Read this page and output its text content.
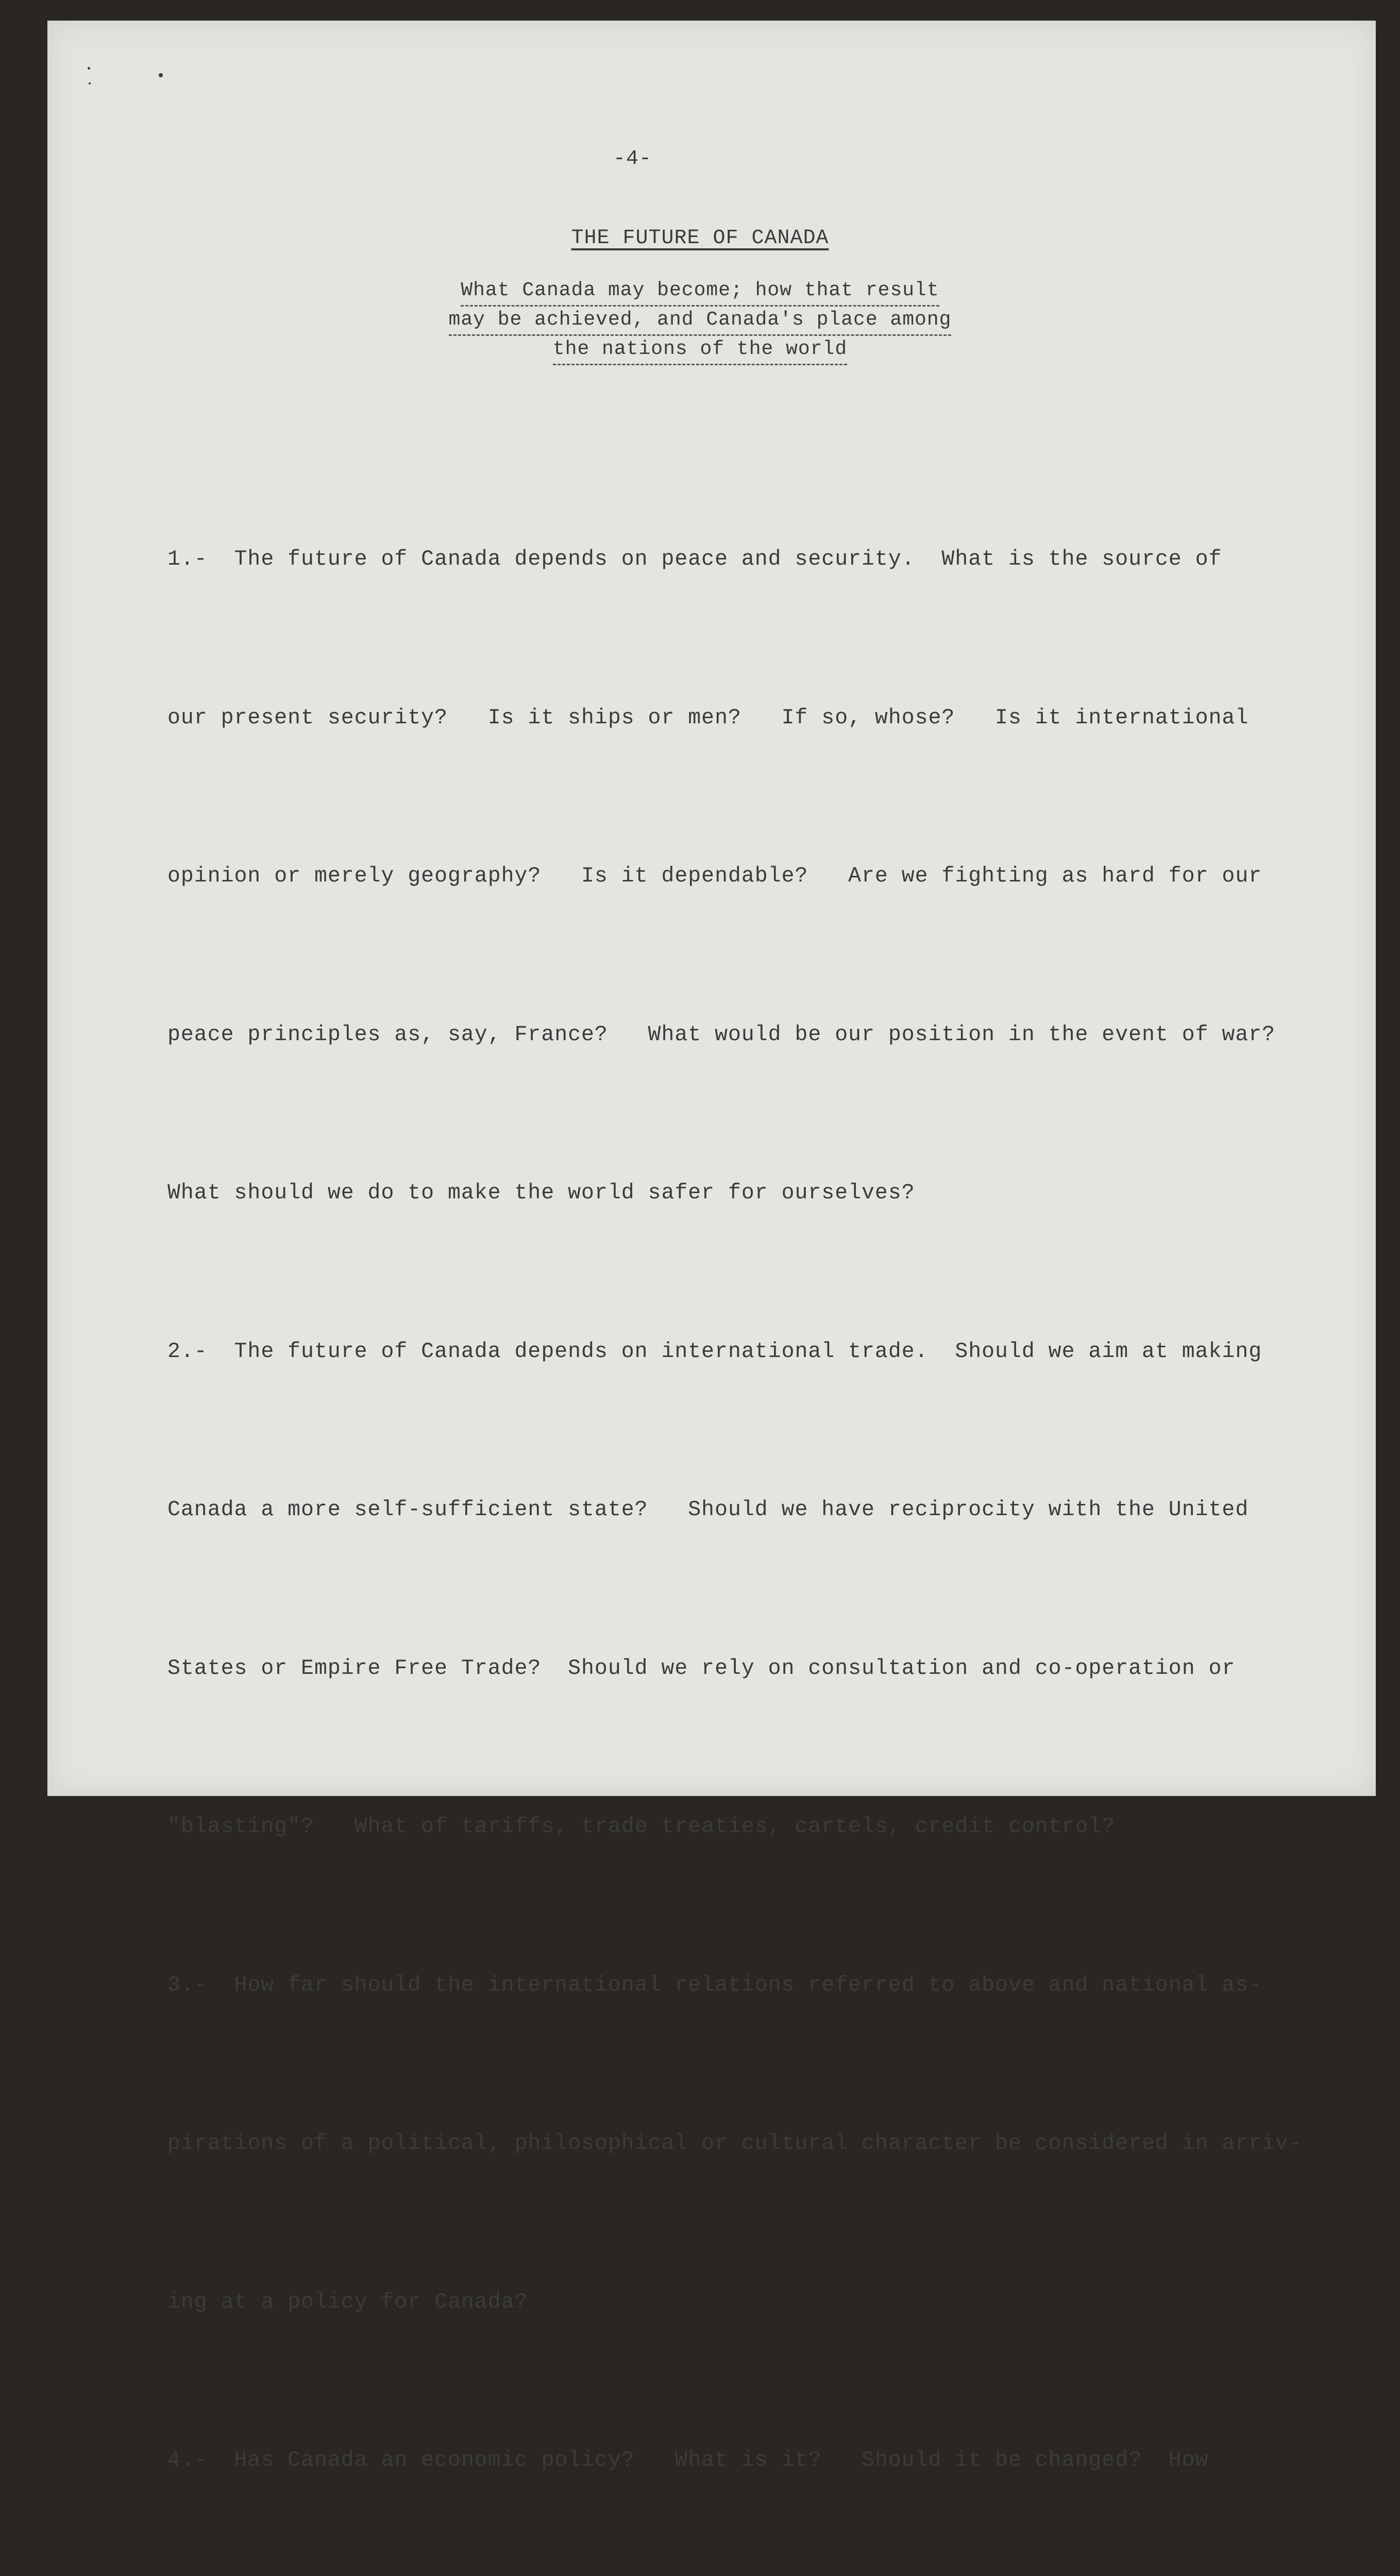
-4-
THE FUTURE OF CANADA
What Canada may become; how that result
may be achieved, and Canada's place among
the nations of the world

1.-  The future of Canada depends on peace and security.  What is the source of

our present security?   Is it ships or men?   If so, whose?   Is it international

opinion or merely geography?   Is it dependable?   Are we fighting as hard for our

peace principles as, say, France?   What would be our position in the event of war?

What should we do to make the world safer for ourselves?

2.-  The future of Canada depends on international trade.  Should we aim at making

Canada a more self-sufficient state?   Should we have reciprocity with the United

States or Empire Free Trade?  Should we rely on consultation and co-operation or

"blasting"?   What of tariffs, trade treaties, cartels, credit control?

3.-  How far should the international relations referred to above and national as-

pirations of a political, philosophical or cultural character be considered in arriv-

ing at a policy for Canada?

4.-  Has Canada an economic policy?   What is it?   Should it be changed?  How
